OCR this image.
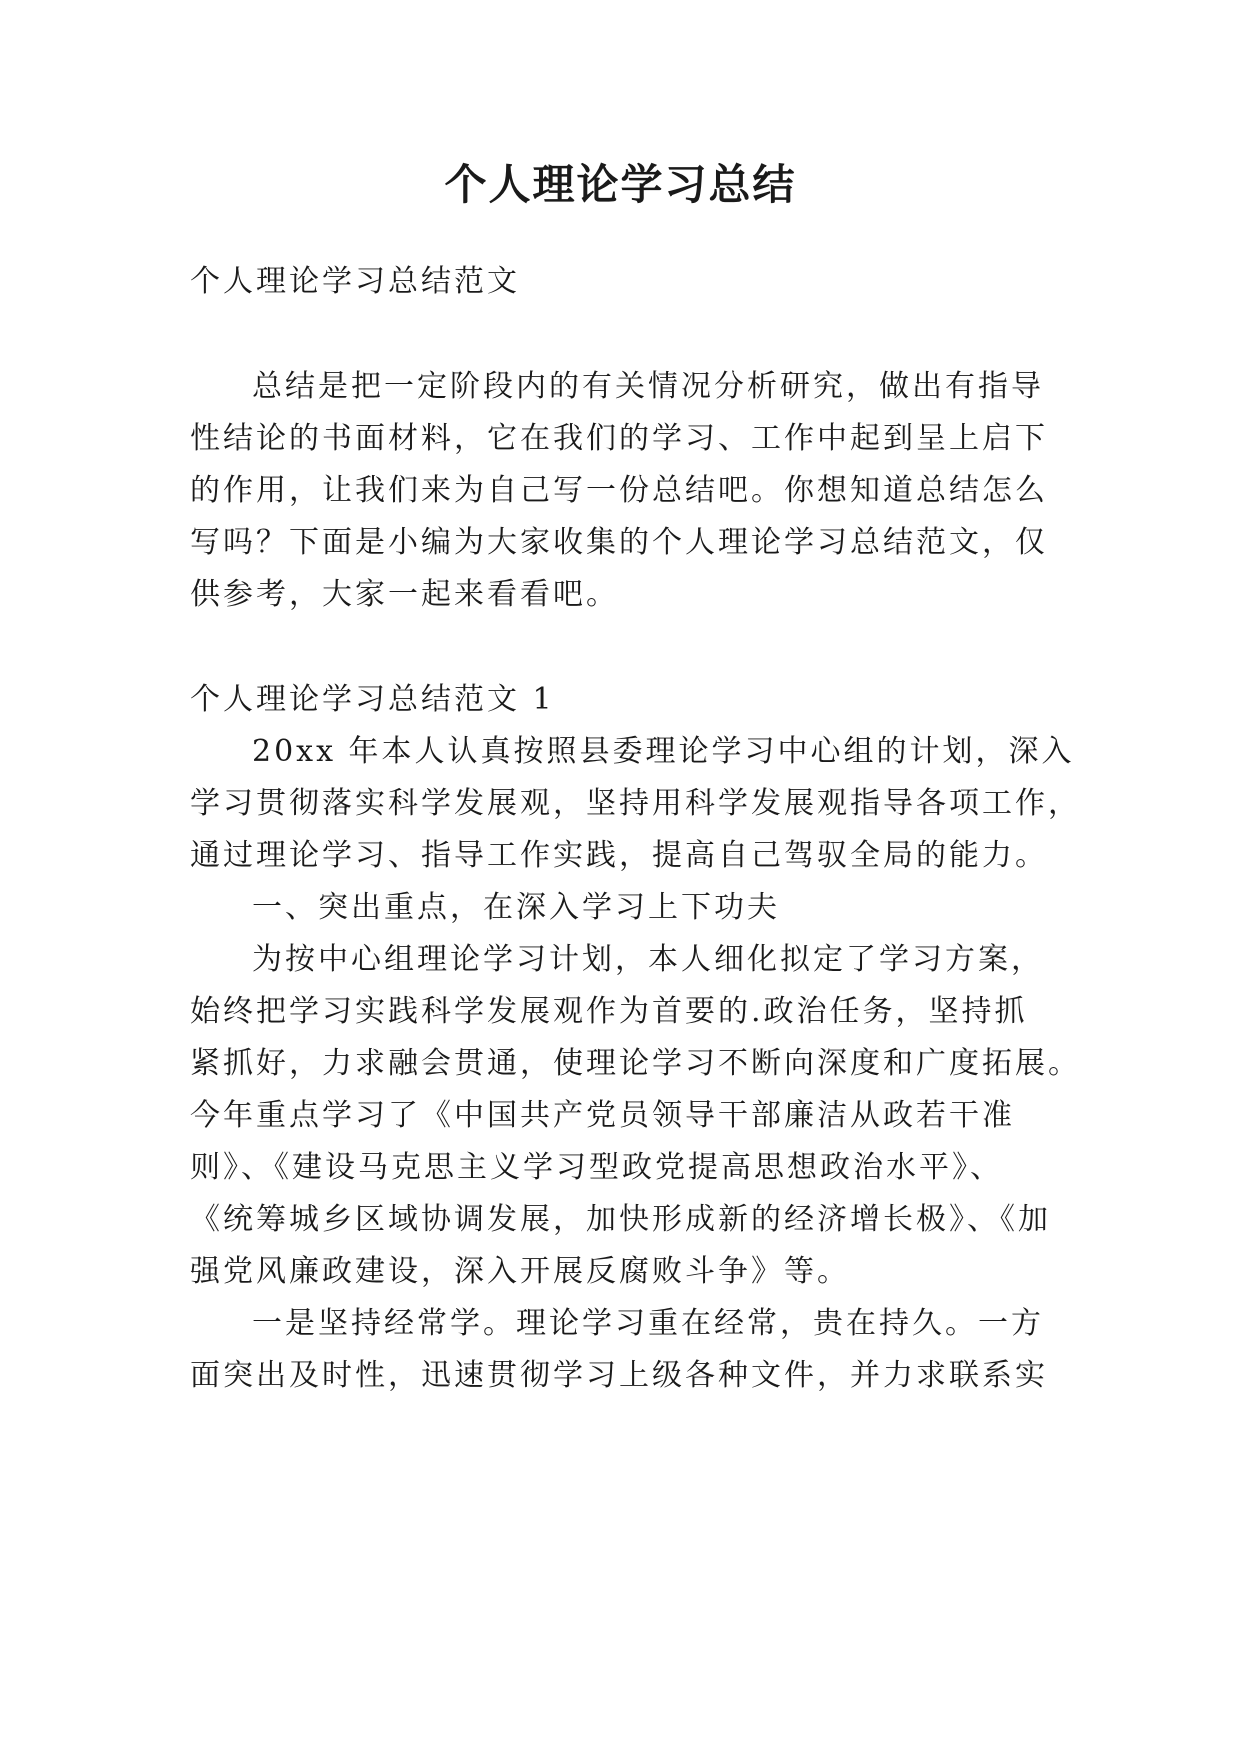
个人理论学习总结

个人理论学习总结范文

总结是把一定阶段内的有关情况分析研究，做出有指导

性结论的书面材料，它在我们的学习、工作中起到呈上启下

的作用，让我们来为自己写一份总结吧。你想知道总结怎么

写吗？下面是小编为大家收集的个人理论学习总结范文，仅

供参考，大家一起来看看吧。

个人理论学习总结范文 1

20xx 年本人认真按照县委理论学习中心组的计划，深入

学习贯彻落实科学发展观，坚持用科学发展观指导各项工作，

通过理论学习、指导工作实践，提高自己驾驭全局的能力。

一、突出重点，在深入学习上下功夫

为按中心组理论学习计划，本人细化拟定了学习方案，

始终把学习实践科学发展观作为首要的.政治任务，坚持抓

紧抓好，力求融会贯通，使理论学习不断向深度和广度拓展。

今年重点学习了《中国共产党员领导干部廉洁从政若干准

则》、《建设马克思主义学习型政党提高思想政治水平》、

《统筹城乡区域协调发展，加快形成新的经济增长极》、《加

强党风廉政建设，深入开展反腐败斗争》等。

一是坚持经常学。理论学习重在经常，贵在持久。一方

面突出及时性，迅速贯彻学习上级各种文件，并力求联系实
